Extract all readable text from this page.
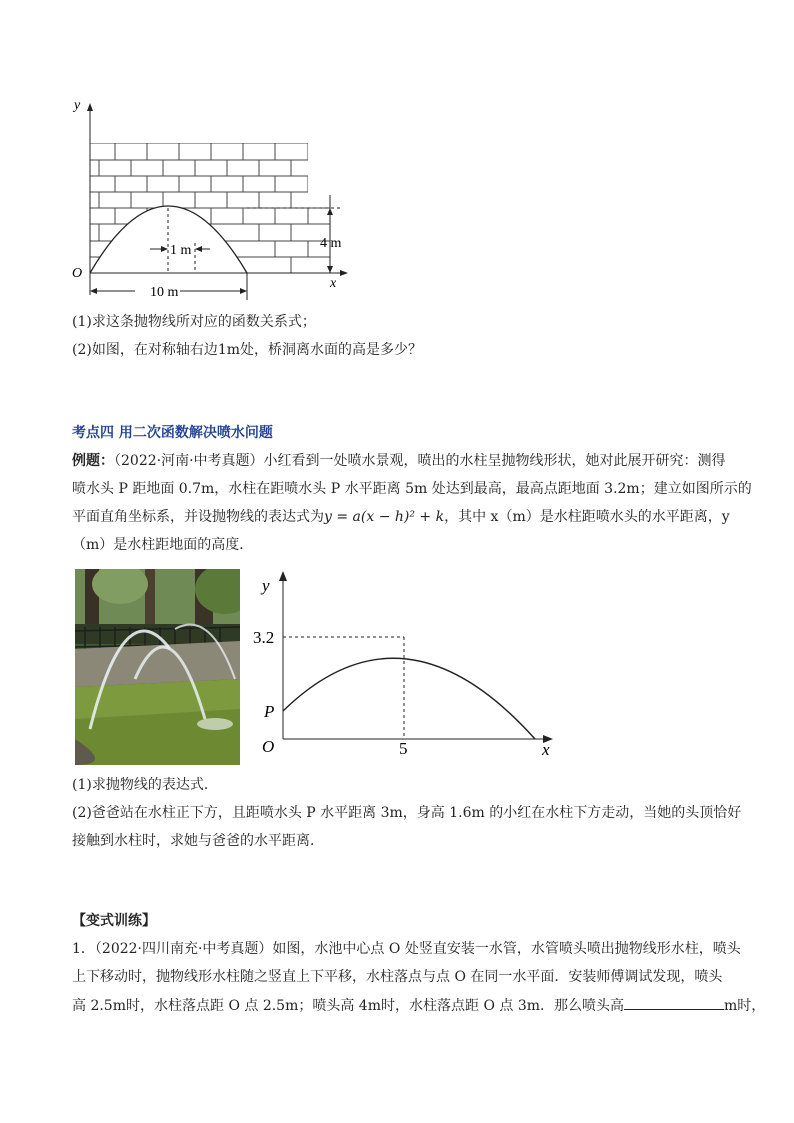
y
x
O
1 m	4 m
10 m
(1)求这条抛物线所对应的函数关系式；
(2)如图，在对称轴右边1m处，桥洞离水面的高是多少？
考点四 用二次函数解决喷水问题
例题：（2022·河南·中考真题）小红看到一处喷水景观，喷出的水柱呈抛物线形状，她对此展开研究：测得
喷水头 P 距地面 0.7m，水柱在距喷水头 P 水平距离 5m 处达到最高，最高点距地面 3.2m；建立如图所示的
平面直角坐标系，并设抛物线的表达式为y = a(x − h)² + k，其中 x（m）是水柱距喷水头的水平距离，y
（m）是水柱距地面的高度．
y
x
O
P
3.2
5
(1)求抛物线的表达式．
(2)爸爸站在水柱正下方，且距喷水头 P 水平距离 3m，身高 1.6m 的小红在水柱下方走动，当她的头顶恰好
接触到水柱时，求她与爸爸的水平距离．
【变式训练】
1．（2022·四川南充·中考真题）如图，水池中心点 O 处竖直安装一水管，水管喷头喷出抛物线形水柱，喷头
上下移动时，抛物线形水柱随之竖直上下平移，水柱落点与点 O 在同一水平面．安装师傅调试发现，喷头
高 2.5m时，水柱落点距 O 点 2.5m；喷头高 4m时，水柱落点距 O 点 3m．那么喷头高	m时，
